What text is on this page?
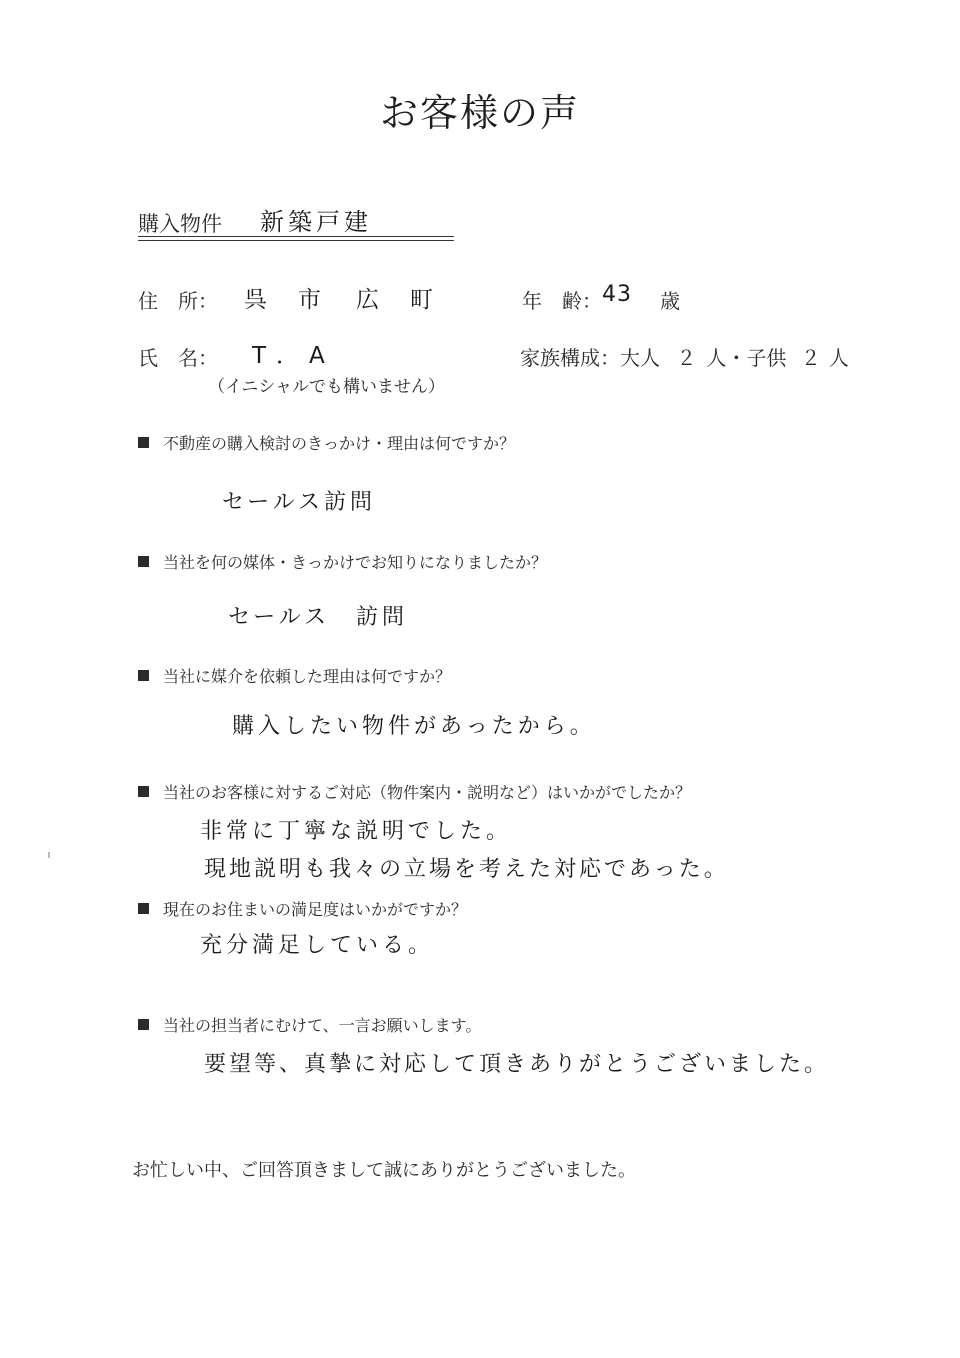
お客様の声
購入物件 新築戸建
住　所： 呉　市 広　町	年　齢： 43 歳
氏　名： T．A
（イニシャルでも構いません）
家族構成：大人 ２ 人・子供 ２ 人
不動産の購入検討のきっかけ・理由は何ですか？
セールス訪問
当社を何の媒体・きっかけでお知りになりましたか？
セールス　訪問
当社に媒介を依頼した理由は何ですか？
購入したい物件があったから。
当社のお客様に対するご対応（物件案内・説明など）はいかがでしたか？
非常に丁寧な説明でした。
現地説明も我々の立場を考えた対応であった。
現在のお住まいの満足度はいかがですか？
充分満足している。
当社の担当者にむけて、一言お願いします。
要望等、真摯に対応して頂きありがとうございました。
お忙しい中、ご回答頂きまして誠にありがとうございました。
